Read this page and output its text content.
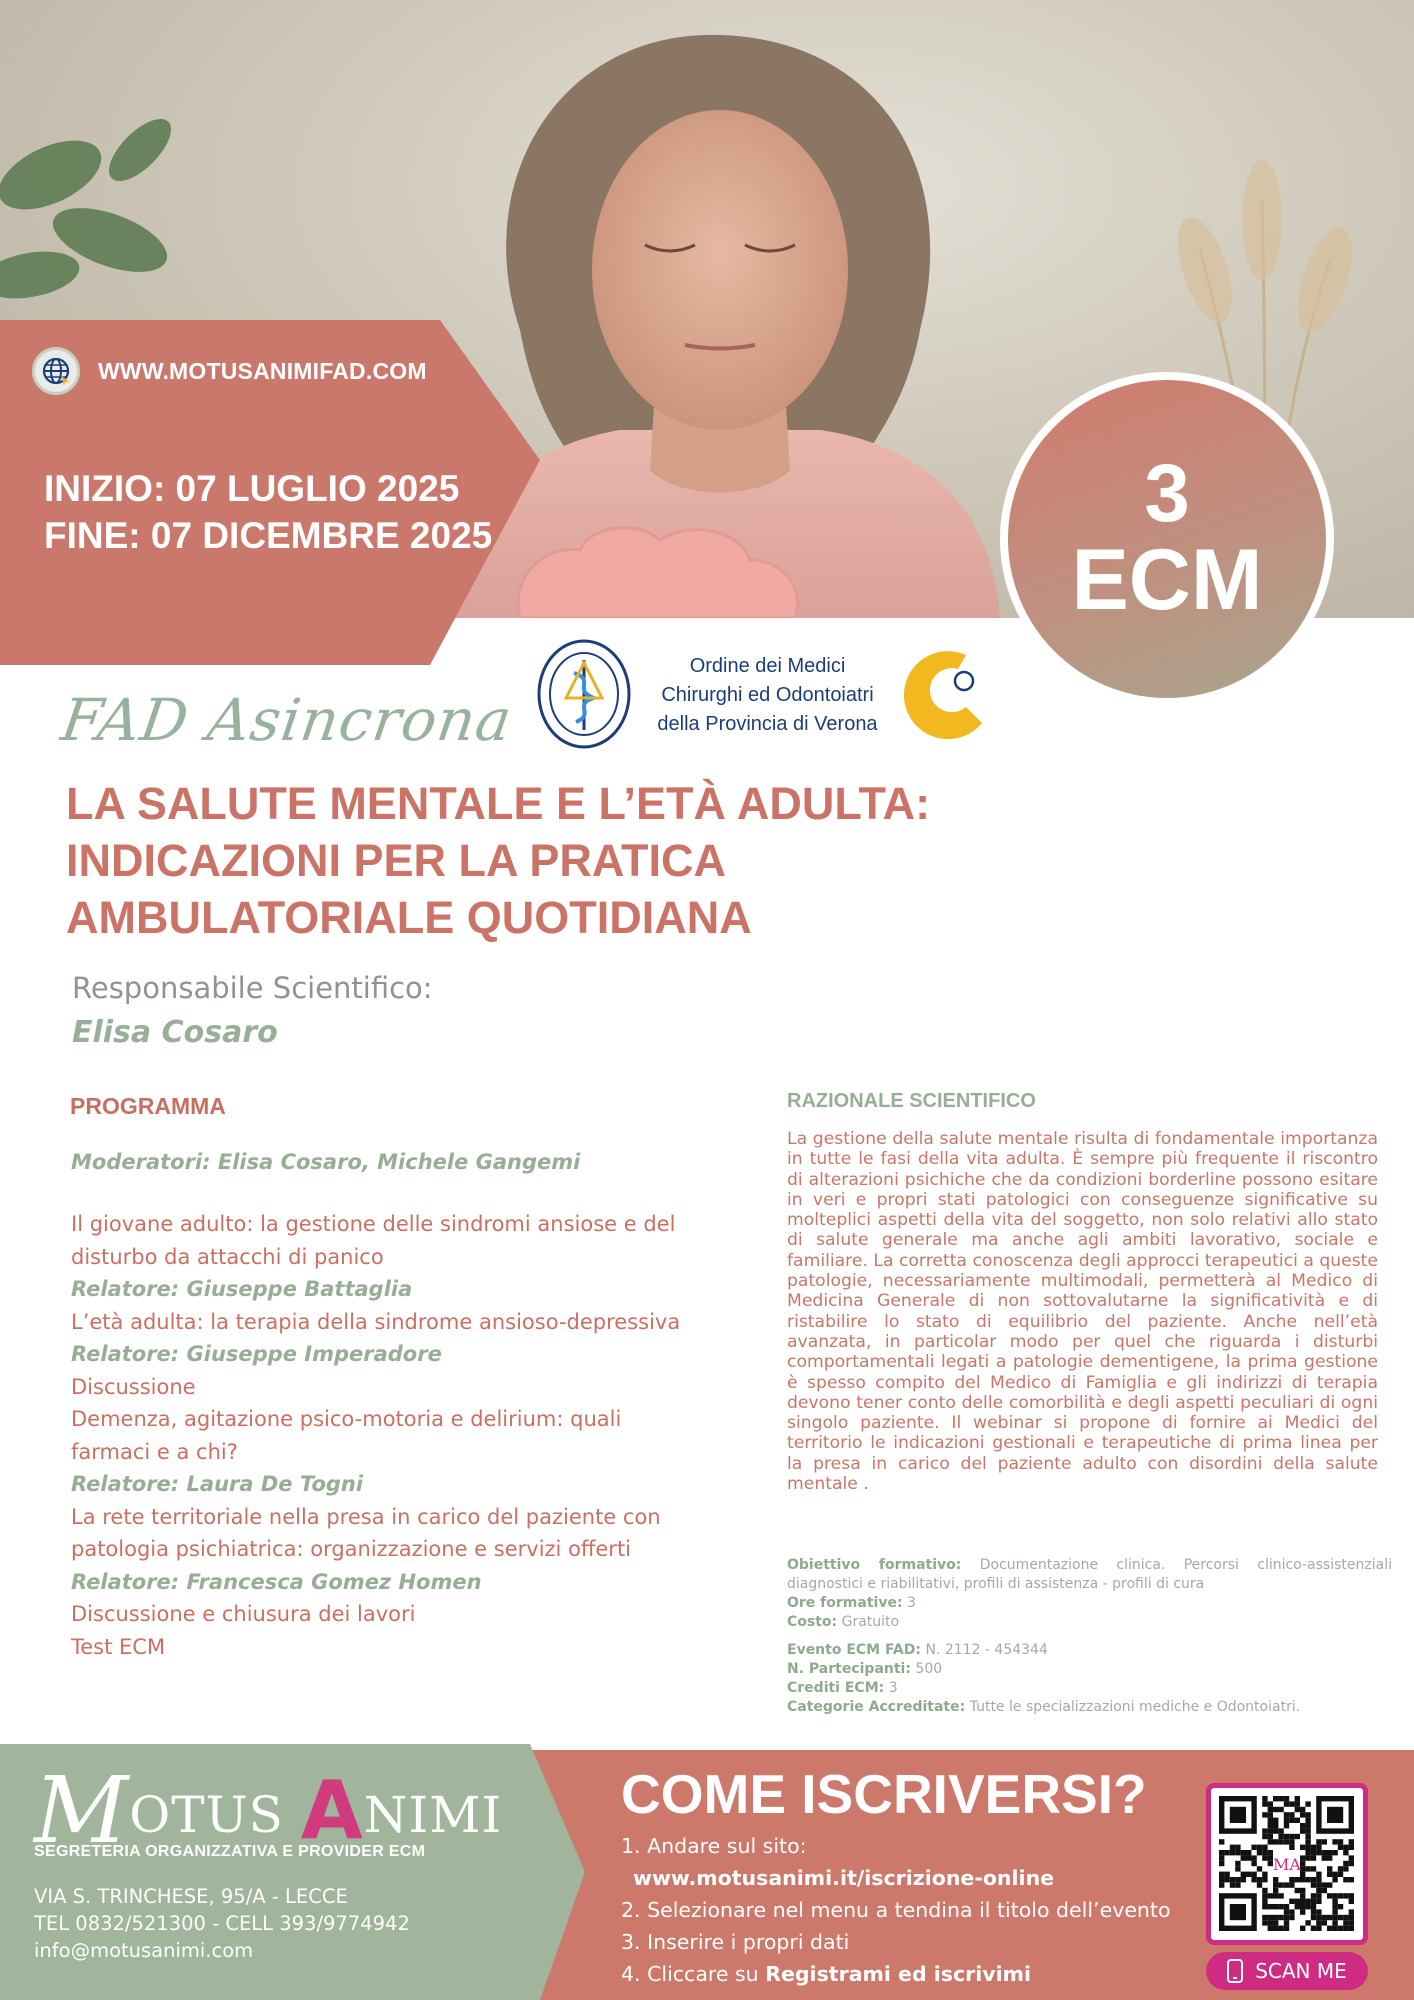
WWW.MOTUSANIMIFAD.COM
INIZIO: 07 LUGLIO 2025
FINE: 07 DICEMBRE 2025	3
ECM
Ordine dei Medici
Chirurghi ed Odontoiatri
della Provincia di Verona
FAD Asincrona
LA SALUTE MENTALE E L’ETÀ ADULTA:
INDICAZIONI PER LA PRATICA
AMBULATORIALE QUOTIDIANA
Responsabile Scientifico:
Elisa Cosaro
PROGRAMMA
Moderatori: Elisa Cosaro, Michele Gangemi
Il giovane adulto: la gestione delle sindromi ansiose e del disturbo da attacchi di panico
Relatore: Giuseppe Battaglia
L’età adulta: la terapia della sindrome ansioso-depressiva
Relatore: Giuseppe Imperadore
Discussione
Demenza, agitazione psico-motoria e delirium: quali farmaci e a chi?
Relatore: Laura De Togni
La rete territoriale nella presa in carico del paziente con patologia psichiatrica: organizzazione e servizi offerti
Relatore: Francesca Gomez Homen
Discussione e chiusura dei lavori
Test ECM
RAZIONALE SCIENTIFICO
La gestione della salute mentale risulta di fondamentale importanza in tutte le fasi della vita adulta. È sempre più frequente il riscontro di alterazioni psichiche che da condizioni borderline possono esitare in veri e propri stati patologici con conseguenze significative su molteplici aspetti della vita del soggetto, non solo relativi allo stato di salute generale ma anche agli ambiti lavorativo, sociale e familiare. La corretta conoscenza degli approcci terapeutici a queste patologie, necessariamente multimodali, permetterà al Medico di Medicina Generale di non sottovalutarne la significatività e di ristabilire lo stato di equilibrio del paziente. Anche nell’età avanzata, in particolar modo per quel che riguarda i disturbi comportamentali legati a patologie dementigene, la prima gestione è spesso compito del Medico di Famiglia e gli indirizzi di terapia devono tener conto delle comorbilità e degli aspetti peculiari di ogni singolo paziente. Il webinar si propone di fornire ai Medici del territorio le indicazioni gestionali e terapeutiche di prima linea per la presa in carico del paziente adulto con disordini della salute mentale .
Obiettivo formativo: Documentazione clinica. Percorsi clinico-assistenziali diagnostici e riabilitativi, profili di assistenza - profili di cura
Ore formative: 3
Costo: Gratuito
Evento ECM FAD: N. 2112 - 454344
N. Partecipanti: 500
Crediti ECM: 3
Categorie Accreditate: Tutte le specializzazioni mediche e Odontoiatri.
MOTUS ANIMI
SEGRETERIA ORGANIZZATIVA E PROVIDER ECM
VIA S. TRINCHESE, 95/A - LECCE
TEL 0832/521300 - CELL 393/9774942
info@motusanimi.com
COME ISCRIVERSI?
1. Andare sul sito:
www.motusanimi.it/iscrizione-online
2. Selezionare nel menu a tendina il titolo dell’evento
3. Inserire i propri dati
4. Cliccare su Registrami ed iscrivimi
MA
SCAN ME
